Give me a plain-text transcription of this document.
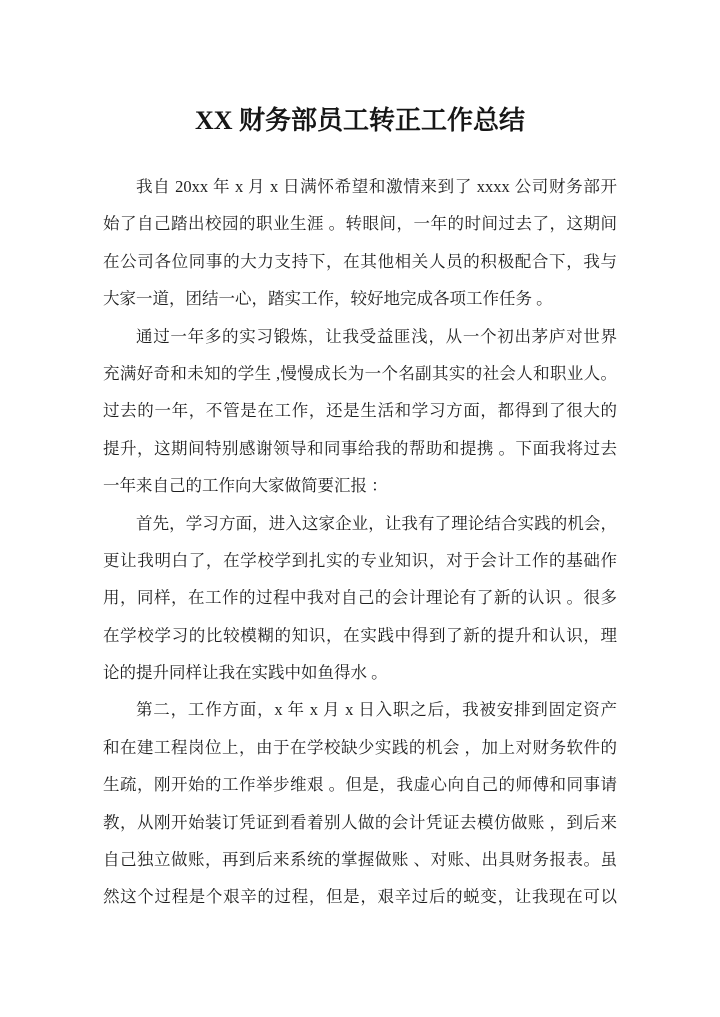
XX 财务部员工转正工作总结
我自 20xx 年 x 月 x 日满怀希望和激情来到了 xxxx 公司财务部开
始了自己踏出校园的职业生涯 。转眼间，一年的时间过去了，这期间
在公司各位同事的大力支持下，在其他相关人员的积极配合下，我与
大家一道，团结一心，踏实工作，较好地完成各项工作任务 。
通过一年多的实习锻炼，让我受益匪浅，从一个初出茅庐对世界
充满好奇和未知的学生 ,慢慢成长为一个名副其实的社会人和职业人。
过去的一年，不管是在工作，还是生活和学习方面，都得到了很大的
提升，这期间特别感谢领导和同事给我的帮助和提携 。下面我将过去
一年来自己的工作向大家做简要汇报 ：
首先，学习方面，进入这家企业，让我有了理论结合实践的机会，
更让我明白了，在学校学到扎实的专业知识，对于会计工作的基础作
用，同样，在工作的过程中我对自己的会计理论有了新的认识 。很多
在学校学习的比较模糊的知识，在实践中得到了新的提升和认识，理
论的提升同样让我在实践中如鱼得水 。
第二，工作方面，x 年 x 月 x 日入职之后，我被安排到固定资产
和在建工程岗位上，由于在学校缺少实践的机会 ，加上对财务软件的
生疏，刚开始的工作举步维艰 。但是，我虚心向自己的师傅和同事请
教，从刚开始装订凭证到看着别人做的会计凭证去模仿做账 ，到后来
自己独立做账，再到后来系统的掌握做账 、对账、出具财务报表。虽
然这个过程是个艰辛的过程，但是，艰辛过后的蜕变，让我现在可以
